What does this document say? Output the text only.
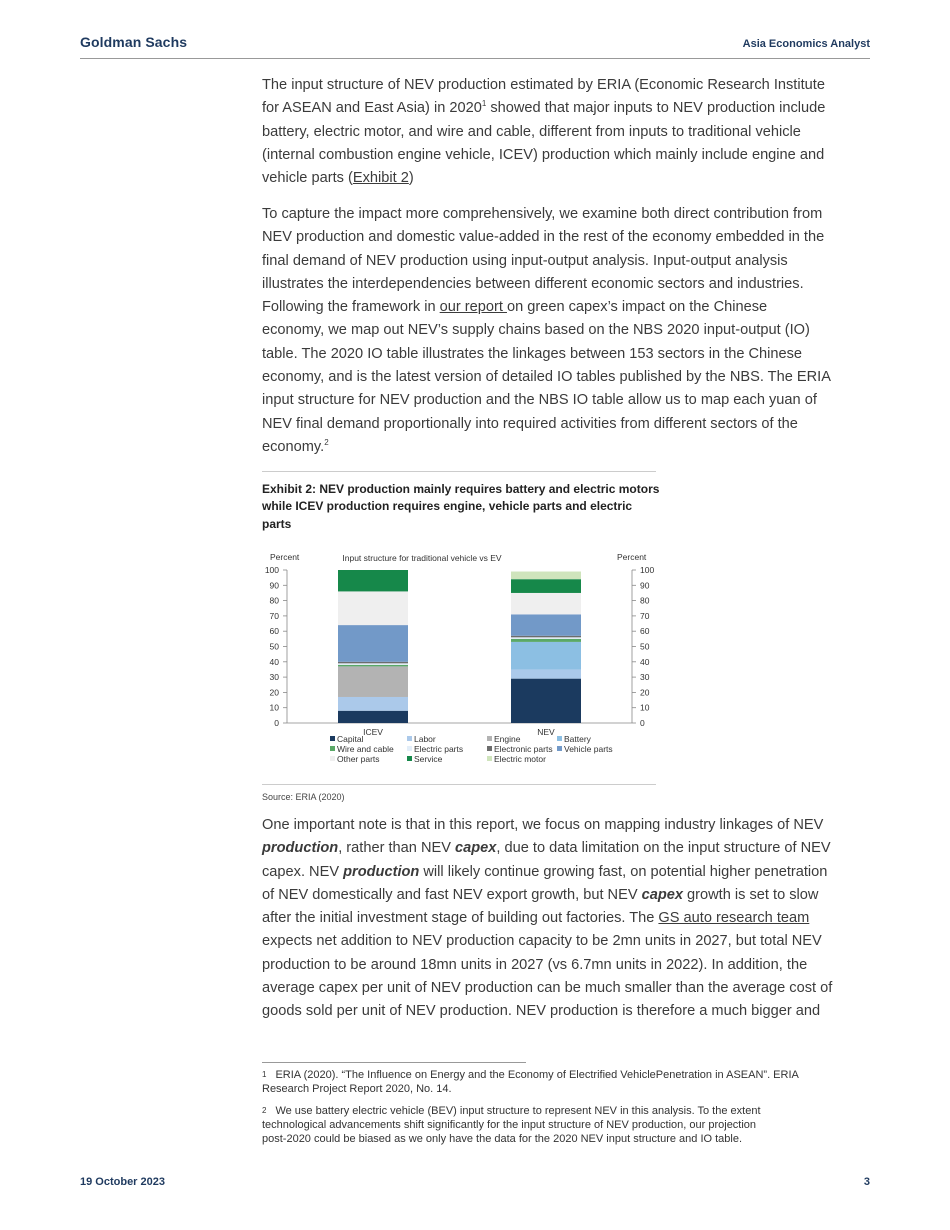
Goldman Sachs	Asia Economics Analyst

The input structure of NEV production estimated by ERIA (Economic Research Institute

for ASEAN and East Asia) in 2020$^1$ showed that major inputs to NEV production include

battery, electric motor, and wire and cable, different from inputs to traditional vehicle

(internal combustion engine vehicle, ICEV) production which mainly include engine and

vehicle parts (Exhibit 2)

To capture the impact more comprehensively, we examine both direct contribution from

NEV production and domestic value-added in the rest of the economy embedded in the

final demand of NEV production using input-output analysis. Input-output analysis

illustrates the interdependencies between different economic sectors and industries.

Following the framework in our report on green capex’s impact on the Chinese

economy, we map out NEV’s supply chains based on the NBS 2020 input-output (IO)

table. The 2020 IO table illustrates the linkages between 153 sectors in the Chinese

economy, and is the latest version of detailed IO tables published by the NBS. The ERIA

input structure for NEV production and the NBS IO table allow us to map each yuan of

NEV final demand proportionally into required activities from different sectors of the

economy.$^2$

Exhibit 2: NEV production mainly requires battery and electric motors
while ICEV production requires engine, vehicle parts and electric
parts
Percent	Input structure for traditional vehicle vs EV	Percent
0	0
10	10
20	20
30	30
40	40
50	50
60	60
70	70
80	80
90	90
100	100
ICEV	NEV
Capital	Labor	Engine	Battery
Wire and cable Electric parts	Electronic parts Vehicle parts
Other parts	Service	Electric motor
Source: ERIA (2020)

One important note is that in this report, we focus on mapping industry linkages of NEV

production, rather than NEV capex, due to data limitation on the input structure of NEV

capex. NEV production will likely continue growing fast, on potential higher penetration

of NEV domestically and fast NEV export growth, but NEV capex growth is set to slow

after the initial investment stage of building out factories. The GS auto research team

expects net addition to NEV production capacity to be 2mn units in 2027, but total NEV

production to be around 18mn units in 2027 (vs 6.7mn units in 2022). In addition, the

average capex per unit of NEV production can be much smaller than the average cost of

goods sold per unit of NEV production. NEV production is therefore a much bigger and

$^1$ ERIA (2020). “The Influence on Energy and the Economy of Electrified VehiclePenetration in ASEAN”. ERIA
Research Project Report 2020, No. 14.
$^2$ We use battery electric vehicle (BEV) input structure to represent NEV in this analysis. To the extent
technological advancements shift significantly for the input structure of NEV production, our projection
post-2020 could be biased as we only have the data for the 2020 NEV input structure and IO table.
19 October 2023	3
